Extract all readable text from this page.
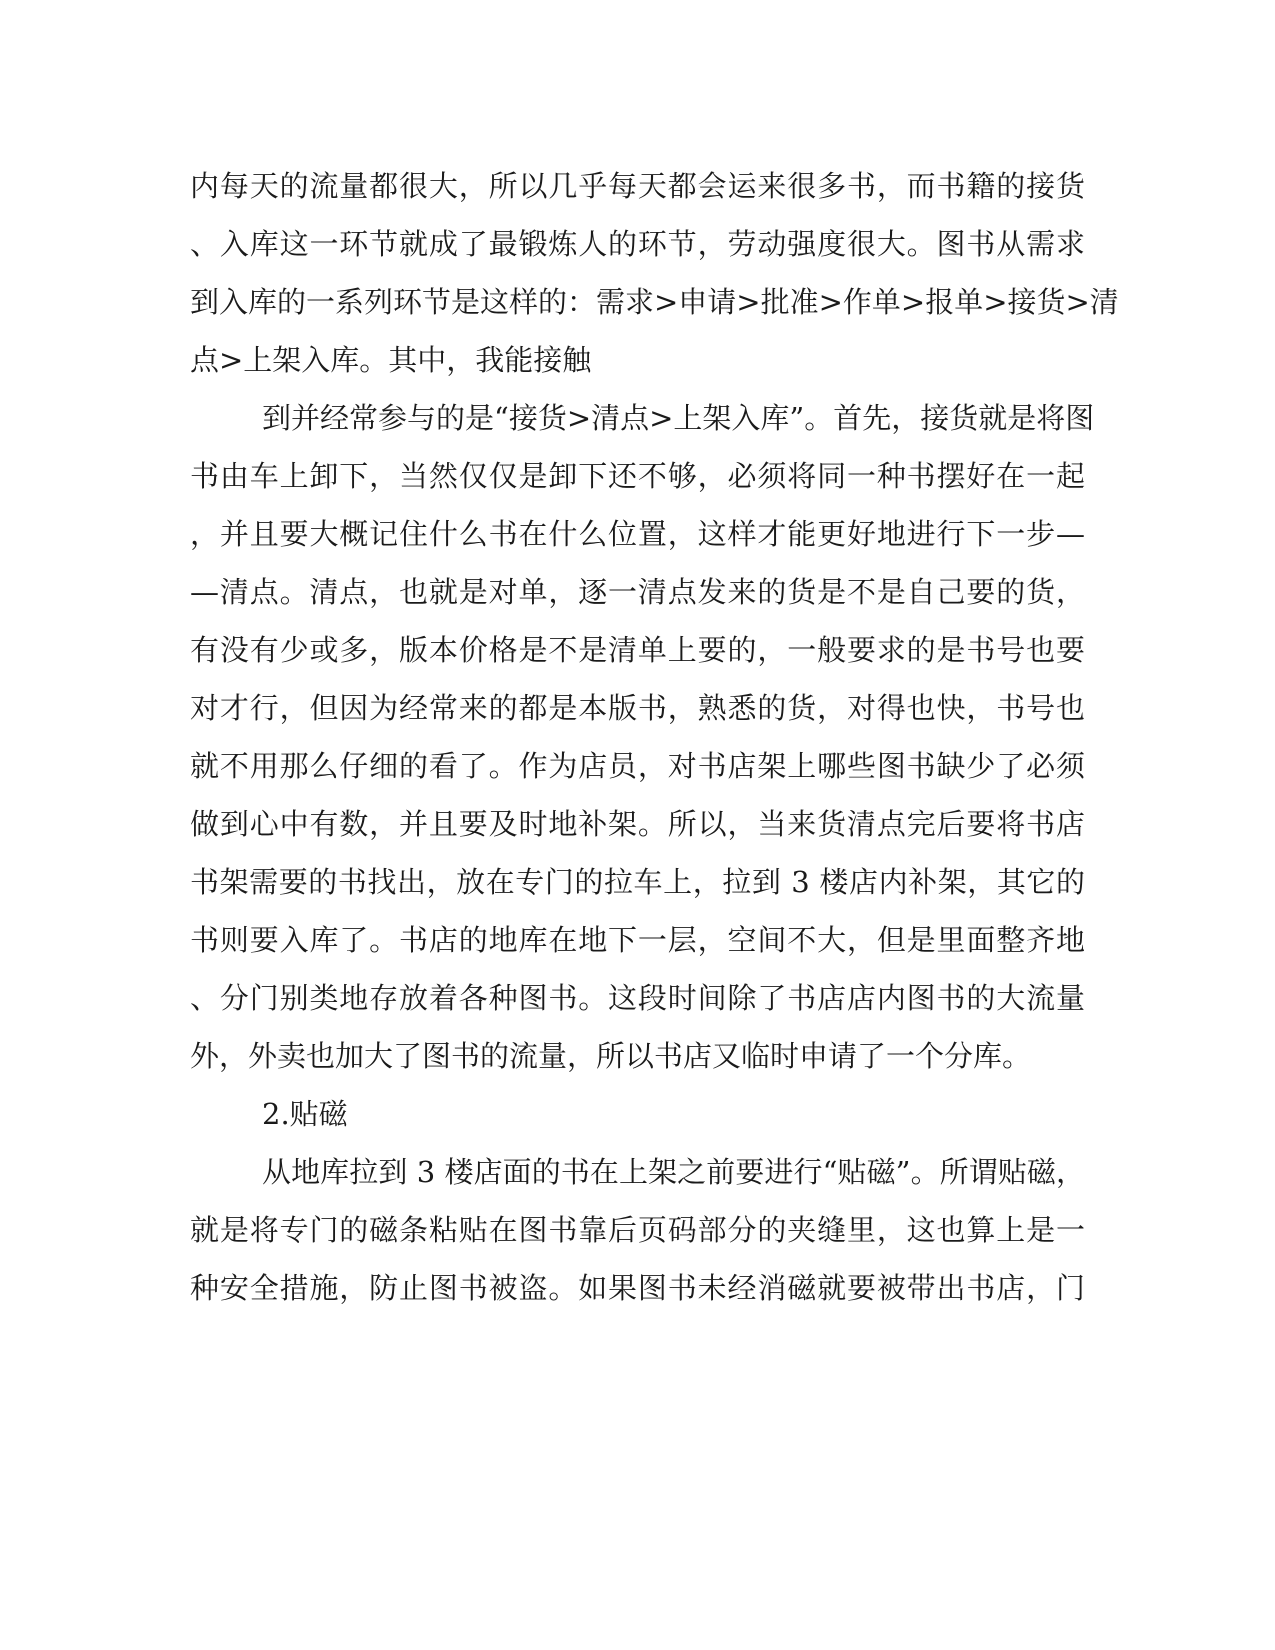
内每天的流量都很大，所以几乎每天都会运来很多书，而书籍的接货
、入库这一环节就成了最锻炼人的环节，劳动强度很大。图书从需求
到入库的一系列环节是这样的：需求>申请>批准>作单>报单>接货>清
点>上架入库。其中，我能接触
到并经常参与的是“接货>清点>上架入库”。首先，接货就是将图
书由车上卸下，当然仅仅是卸下还不够，必须将同一种书摆好在一起
，并且要大概记住什么书在什么位置，这样才能更好地进行下一步—
—清点。清点，也就是对单，逐一清点发来的货是不是自己要的货，
有没有少或多，版本价格是不是清单上要的，一般要求的是书号也要
对才行，但因为经常来的都是本版书，熟悉的货，对得也快，书号也
就不用那么仔细的看了。作为店员，对书店架上哪些图书缺少了必须
做到心中有数，并且要及时地补架。所以，当来货清点完后要将书店
书架需要的书找出，放在专门的拉车上，拉到 3 楼店内补架，其它的
书则要入库了。书店的地库在地下一层，空间不大，但是里面整齐地
、分门别类地存放着各种图书。这段时间除了书店店内图书的大流量
外，外卖也加大了图书的流量，所以书店又临时申请了一个分库。
2.贴磁
从地库拉到 3 楼店面的书在上架之前要进行“贴磁”。所谓贴磁，
就是将专门的磁条粘贴在图书靠后页码部分的夹缝里，这也算上是一
种安全措施，防止图书被盗。如果图书未经消磁就要被带出书店，门
